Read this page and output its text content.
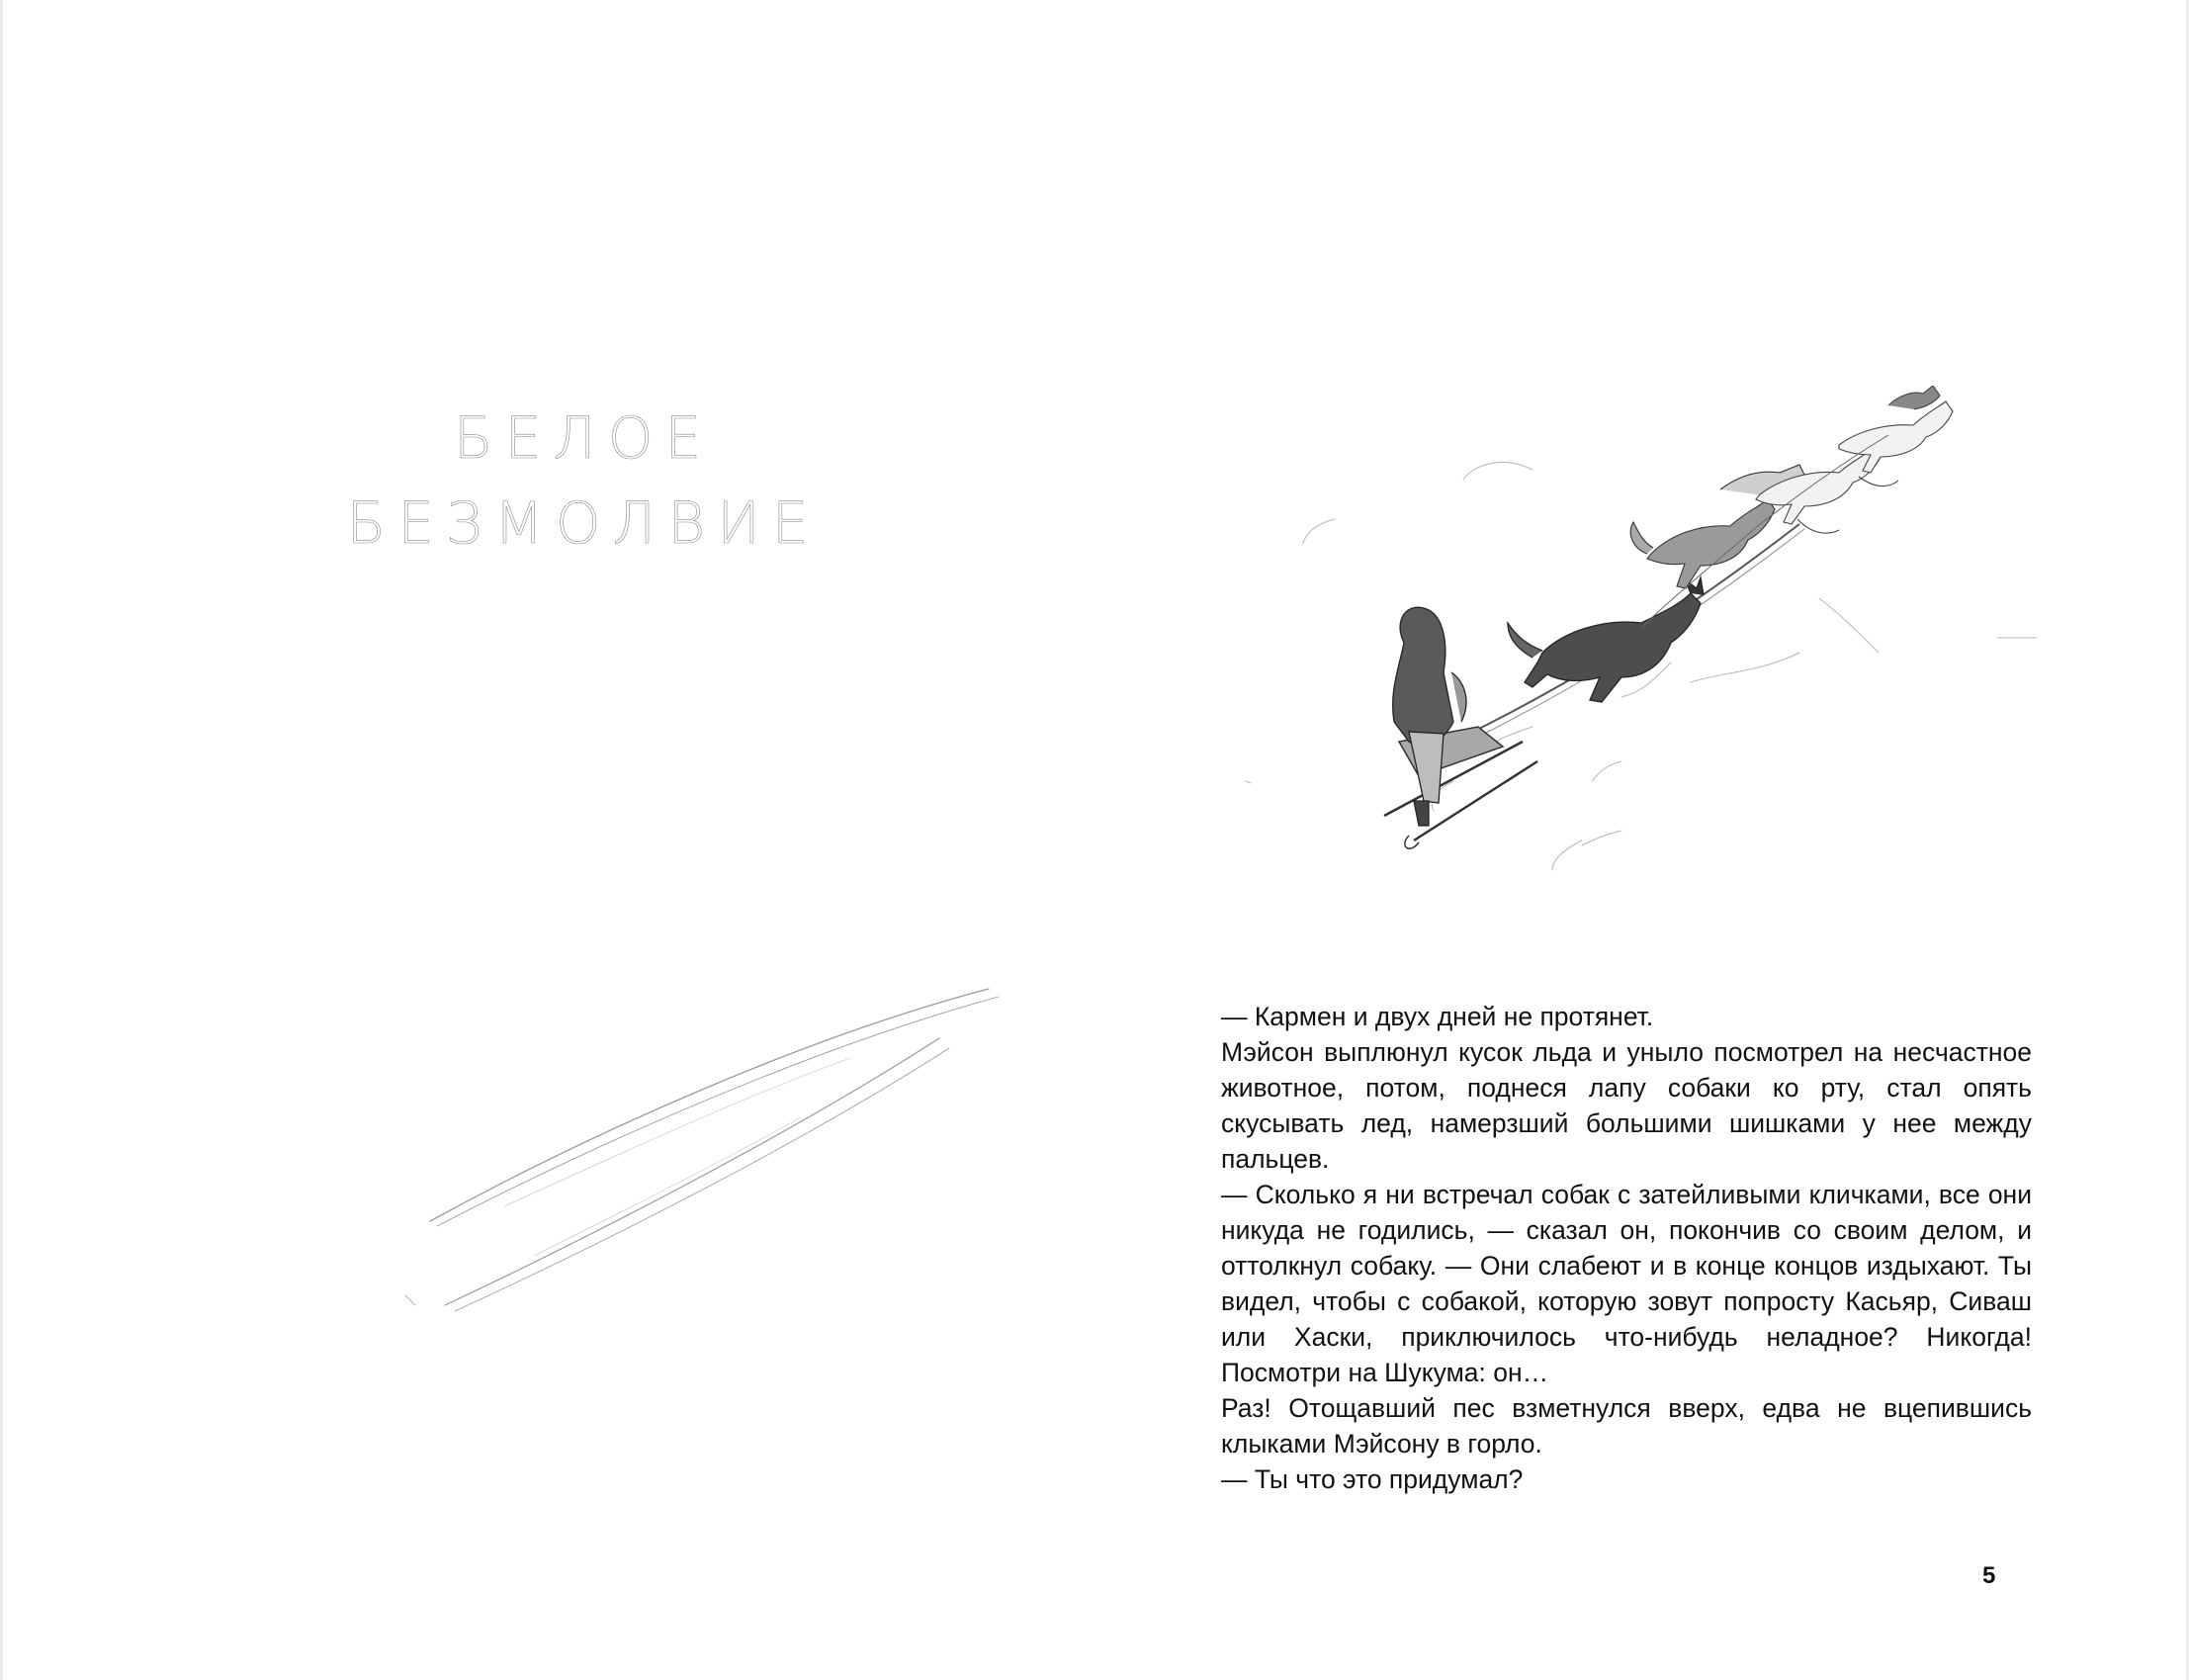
БЕЛОЕ
БЕЗМОЛВИЕ

— Кармен и двух дней не протянет.

Мэйсон выплюнул кусок льда и уныло посмотрел на несчастное животное, потом, поднеся лапу собаки ко рту, стал опять скусывать лед, намерзший большими шишками у нее между пальцев.

— Сколько я ни встречал собак с затейливыми кличками, все они никуда не годились, — сказал он, покончив со своим делом, и оттолкнул собаку. — Они слабеют и в конце концов издыхают. Ты видел, чтобы с собакой, которую зовут попросту Касьяр, Сиваш или Хаски, приключилось что-нибудь неладное? Никогда! Посмотри на Шукума: он…

Раз! Отощавший пес взметнулся вверх, едва не вцепившись клыками Мэйсону в горло.

— Ты что это придумал?

5
